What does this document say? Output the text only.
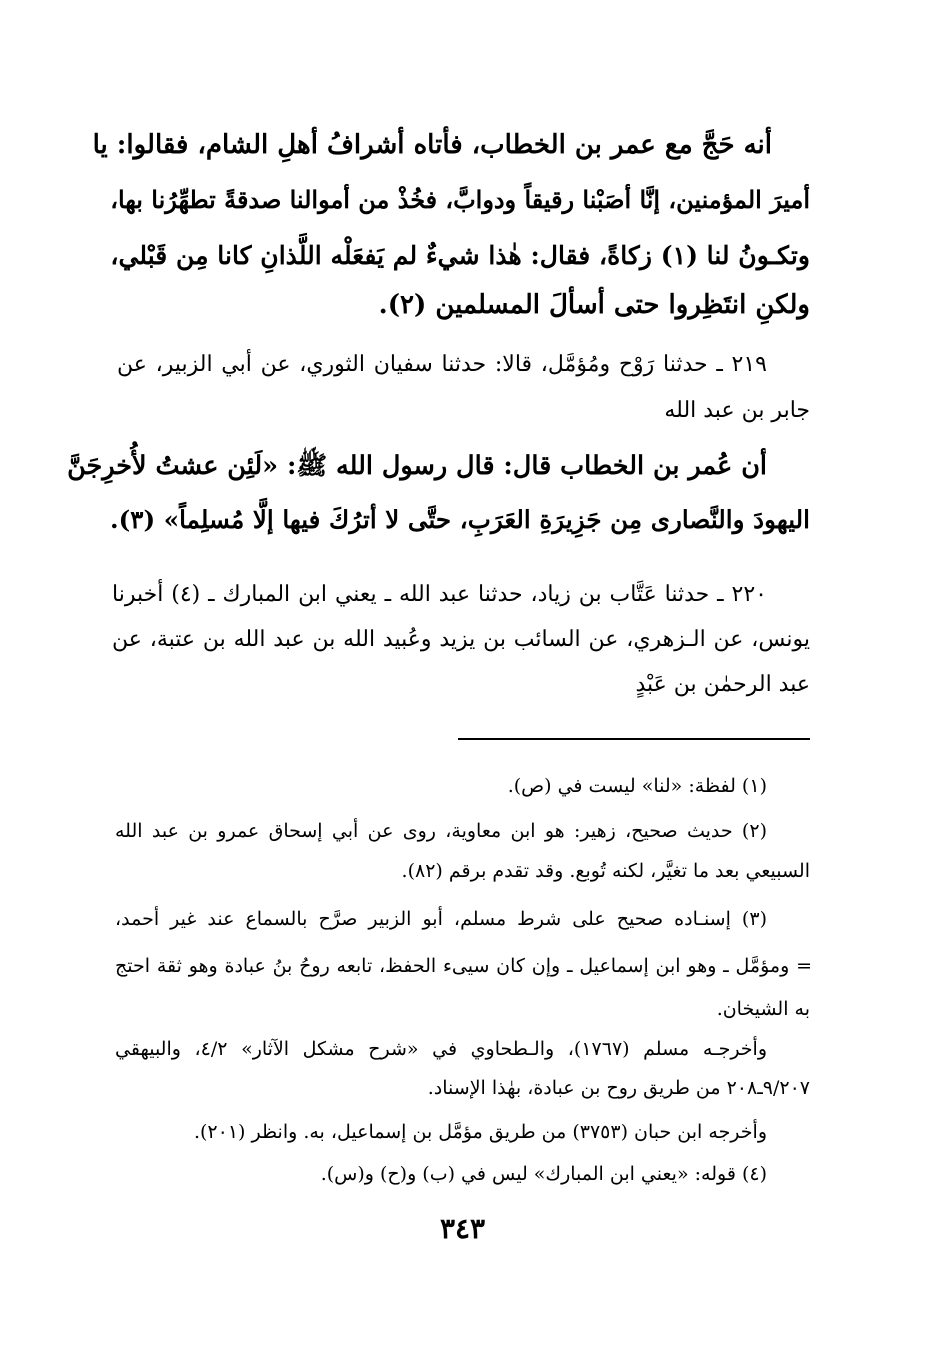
أنه حَجَّ مع عمر بن الخطاب، فأتاه أشرافُ أهلِ الشام، فقالوا: يا
أميرَ المؤمنين، إنَّا أصَبْنا رقيقاً ودوابَّ، فخُذْ من أموالنا صدقةً تطهِّرُنا بها،
وتكـونُ لنا (١) زكاةً، فقال: هٰذا شيءٌ لم يَفعَلْه اللَّذانِ كانا مِن قَبْلي،
ولكنِ انتَظِروا حتى أسألَ المسلمين (٢).
٢١٩ ـ حدثنا رَوْح ومُؤمَّل، قالا: حدثنا سفيان الثوري، عن أبي الزبير، عن
جابر بن عبد الله
أن عُمر بن الخطاب قال: قال رسول الله ﷺ: «لَئِن عشتُ لأُخرِجَنَّ
اليهودَ والنَّصارى مِن جَزِيرَةِ العَرَبِ، حتَّى لا أترُكَ فيها إلَّا مُسلِماً» (٣).
٢٢٠ ـ حدثنا عَتَّاب بن زياد، حدثنا عبد الله ـ يعني ابن المبارك ـ (٤) أخبرنا
يونس، عن الـزهري، عن السائب بن يزيد وعُبيد الله بن عبد الله بن عتبة، عن
عبد الرحمٰن بن عَبْدٍ
(١) لفظة: «لنا» ليست في (ص).
(٢) حديث صحيح، زهير: هو ابن معاوية، روى عن أبي إسحاق عمرو بن عبد الله
السبيعي بعد ما تغيَّر، لكنه تُوبع. وقد تقدم برقم (٨٢).
(٣) إسنـاده صحيح على شرط مسلم، أبو الزبير صرَّح بالسماع عند غير أحمد،
= ومؤمَّل ـ وهو ابن إسماعيل ـ وإن كان سيىء الحفظ، تابعه روحُ بنُ عبادة وهو ثقة احتج
به الشيخان.
وأخرجـه مسلم (١٧٦٧)، والـطحاوي في «شرح مشكل الآثار» ٤/٢، والبيهقي
٩/٢٠٧ـ٢٠٨ من طريق روح بن عبادة، بهٰذا الإسناد.
وأخرجه ابن حبان (٣٧٥٣) من طريق مؤمَّل بن إسماعيل، به. وانظر (٢٠١).
(٤) قوله: «يعني ابن المبارك» ليس في (ب) و(ح) و(س).
٣٤٣
